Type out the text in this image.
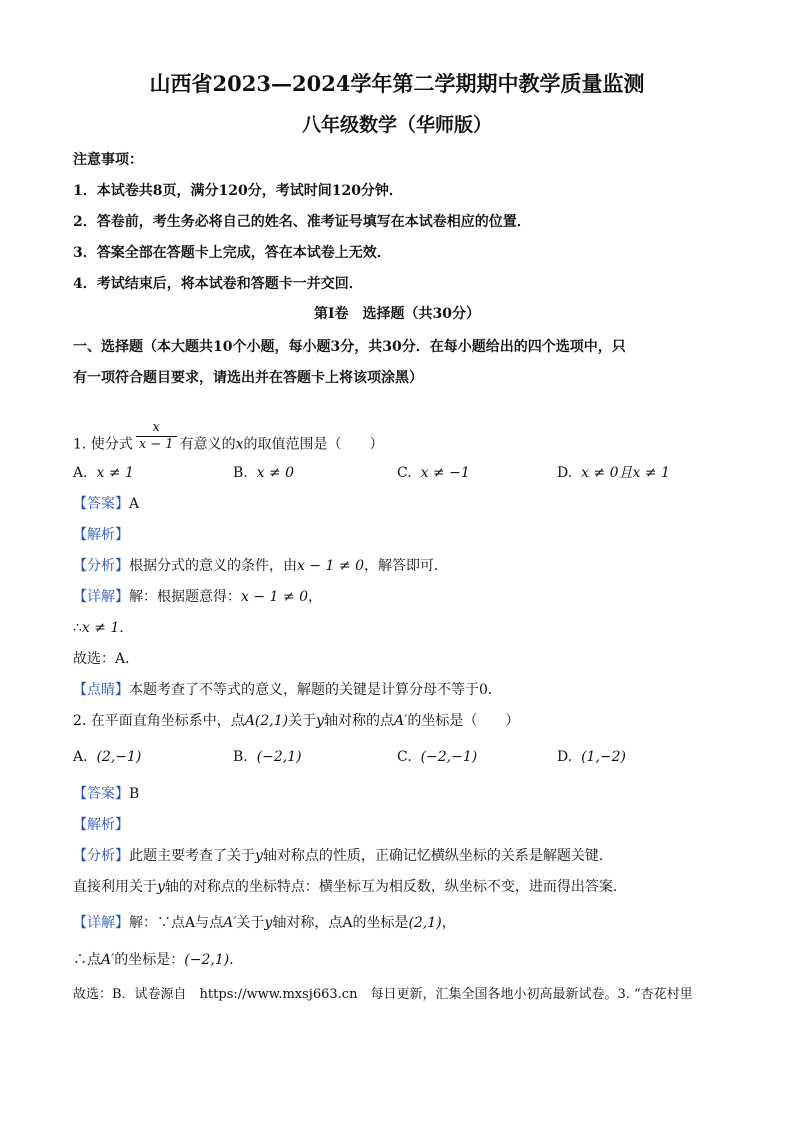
山西省2023—2024学年第二学期期中教学质量监测
八年级数学（华师版）
注意事项：
1．本试卷共8页，满分120分，考试时间120分钟．
2．答卷前，考生务必将自己的姓名、准考证号填写在本试卷相应的位置．
3．答案全部在答题卡上完成，答在本试卷上无效．
4．考试结束后，将本试卷和答题卡一并交回．
第Ⅰ卷　选择题（共30分）
一、选择题（本大题共10个小题，每小题3分，共30分．在每小题给出的四个选项中，只
有一项符合题目要求，请选出并在答题卡上将该项涂黑）
1. 使分式 $\frac{x}{x - 1}$ 有意义的x的取值范围是（　　）
A. x ≠ 1	B. x ≠ 0	C. x ≠ −1	D. x ≠ 0且x ≠ 1
【答案】A
【解析】
【分析】根据分式的意义的条件，由x − 1 ≠ 0，解答即可．
【详解】解：根据题意得：x − 1 ≠ 0，
∴x ≠ 1．
故选：A．
【点睛】本题考查了不等式的意义，解题的关键是计算分母不等于0．
2. 在平面直角坐标系中，点A(2,1)关于y轴对称的点A′的坐标是（　　）
A. (2,−1)	B. (−2,1)	C. (−2,−1)	D. (1,−2)
【答案】B
【解析】
【分析】此题主要考查了关于y轴对称点的性质，正确记忆横纵坐标的关系是解题关键．
直接利用关于y轴的对称点的坐标特点：横坐标互为相反数，纵坐标不变，进而得出答案．
【详解】解：∵点A与点A′关于y轴对称，点A的坐标是(2,1)，
∴点A′的坐标是：(−2,1)．
故选：B．试卷源自　https://www.mxsj663.cn　每日更新，汇集全国各地小初高最新试卷。3. “杏花村里
